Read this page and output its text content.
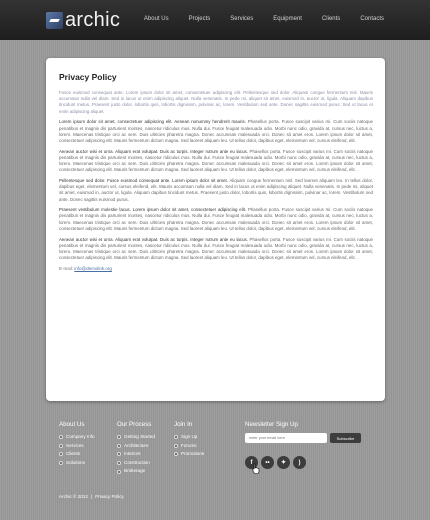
archic	About Us	Projects	Services	Equipment	Clients	Contacts
Privacy Policy

Fusce euismod consequat ante. Lorem ipsum dolor sit amet, consectetuer adipiscing elit. Pellentesque sed dolor. Aliquam congue fermentum nisl. Mauris accumsan nulla vel diam. Sed in lacus ut enim adipiscing aliquet. Nulla venenatis. In pede mi, aliquet sit amet, euismod in, auctor ut, ligula. Aliquam dapibus tincidunt metus. Praesent justo dolor, lobortis quis, lobortis dignissim, pulvinar ac, lorem. Vestibulum sed ante. Donec sagittis euismod purus. Sed ut lacus et enim adipiscing aliquet.

Lorem ipsum dolor sit amet, consectetuer adipiscing elit. Aenean nonummy hendrerit mauris. Phasellus porta. Fusce suscipit varius mi. Cum sociis natoque penatibus et magnis dis parturient montes, nascetur ridiculus mus. Nulla dui. Fusce feugiat malesuada odio. Morbi nunc odio, gravida at, cursus nec, luctus a, lorem. Maecenas tristique orci ac sem. Duis ultricies pharetra magna. Donec accumsan malesuada orci. Donec sit amet eros. Lorem ipsum dolor sit amet, consectetuer adipiscing elit. Mauris fermentum dictum magna. Sed laoreet aliquam leo. Ut tellus dolor, dapibus eget, elementum vel, cursus eleifend, elit.

Aenean auctor wisi et urna. Aliquam erat volutpat. Duis ac turpis. Integer rutrum ante eu lacus. Phasellus porta. Fusce suscipit varius mi. Cum sociis natoque penatibus et magnis dis parturient montes, nascetur ridiculus mus. Nulla dui. Fusce feugiat malesuada odio. Morbi nunc odio, gravida at, cursus nec, luctus a, lorem. Maecenas tristique orci ac sem. Duis ultricies pharetra magna. Donec accumsan malesuada orci. Donec sit amet eros. Lorem ipsum dolor sit amet, consectetuer adipiscing elit. Mauris fermentum dictum magna. Sed laoreet aliquam leo. Ut tellus dolor, dapibus eget, elementum vel, cursus eleifend, elit.

Pellentesque sed dolor. Fusce euismod consequat ante. Lorem ipsum dolor sit amet. Aliquam congue fermentum nisl. Sed laoreet aliquam leo. In tellus dolor, dapibus eget, elementum vel, cursus eleifend, elit. Mauris accumsan nulla vel diam. Sed in lacus ut enim adipiscing aliquet. Nulla venenatis. In pede mi, aliquet sit amet, euismod in, auctor ut, ligula. Aliquam dapibus tincidunt metus. Praesent justo dolor, lobortis quis, lobortis dignissim, pulvinar ac, lorem. Vestibulum sed ante. Donec sagittis euismod purus.

Praesent vestibulum molestie lacus. Lorem ipsum dolor sit amet, consectetuer adipiscing elit. Phasellus porta. Fusce suscipit varius mi. Cum sociis natoque penatibus et magnis dis parturient montes, nascetur ridiculus mus. Nulla dui. Fusce feugiat malesuada odio. Morbi nunc odio, gravida at, cursus nec, luctus a, lorem. Maecenas tristique orci ac sem. Duis ultricies pharetra magna. Donec accumsan malesuada orci. Donec sit amet eros. Lorem ipsum dolor sit amet, consectetuer adipiscing elit. Mauris fermentum dictum magna. Sed laoreet aliquam leo. Ut tellus dolor, dapibus eget, elementum vel, cursus eleifend, elit.

Aenean auctor wisi et urna. Aliquam erat volutpat. Duis ac turpis. Integer rutrum ante eu lacus. Phasellus porta. Fusce suscipit varius mi. Cum sociis natoque penatibus et magnis dis parturient montes, nascetur ridiculus mus. Nulla dui. Fusce feugiat malesuada odio. Morbi nunc odio, gravida at, cursus nec, luctus a, lorem. Maecenas tristique orci ac sem. Duis ultricies pharetra magna. Donec accumsan malesuada orci. Donec sit amet eros. Lorem ipsum dolor sit amet, consectetuer adipiscing elit. Mauris fermentum dictum magna. Sed laoreet aliquam leo. Ut tellus dolor, dapibus eget, elementum vel, cursus eleifend, elit.

E-mail: info@demolink.org
About Us
Company Info
Services
Clients
Solutions
Our Process
Getting Started
Architecture
Interiors
Construction
Brokerage
Join In
Sign Up
Forums
Promotions
Newsletter Sign Up
enter your email here
Subscribe
f	••	✦	)
Archic © 2012 | Privacy Policy
